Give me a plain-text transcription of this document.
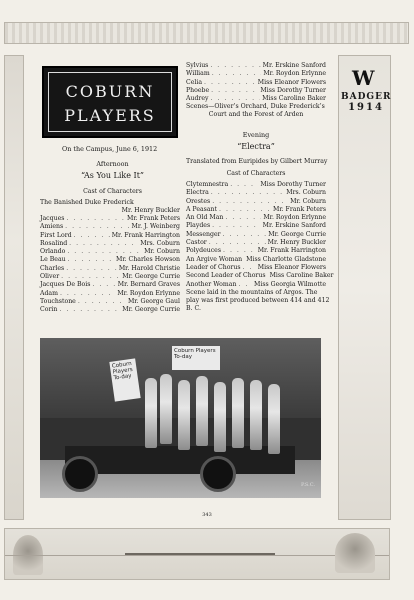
COBURN
PLAYERS
W
BADGER
1914
On the Campus, June 6, 1912
Afternoon
“As You Like It”
Cast of Characters
The Banished Duke Frederick
Mr. Henry Buckler
Jacques . . .	Mr. Frank Peters
Amiens . . .	Mr. J. Weinberg
First Lord . . .	Mr. Frank Harrington
Rosalind . . .	Mrs. Coburn
Orlando . . .	Mr. Coburn
Le Beau . . .	Mr. Charles Howson
Charles . . .	Mr. Harold Christie
Oliver . . .	Mr. George Currie
Jacques De Bois . . .	Mr. Bernard Graves
Adam . . .	Mr. Roydon Erlynne
Touchstone . . .	Mr. George Gaul
Corin . . .	Mr. George Currie
Sylvius . . .	Mr. Erskine Sanford
William . . .	Mr. Roydon Erlynne
Celia . . .	Miss Eleanor Flowers
Phoebe . . .	Miss Dorothy Turner
Audrey . . .	Miss Caroline Baker
Scenes—Oliver’s Orchard, Duke Frederick’s
Court and the Forest of Arden
Evening
“Electra”
Translated from Euripides by Gilbert Murray
Cast of Characters
Clytemnestra . . .	Miss Dorothy Turner
Electra . . .	Mrs. Coburn
Orestes . . .	Mr. Coburn
A Peasant . . .	Mr. Frank Peters
An Old Man . . .	Mr. Roydon Erlynne
Playdes . . .	Mr. Erskine Sanford
Messenger . . .	Mr. George Currie
Castor . . .	Mr. Henry Buckler
Polydeuces . . .	Mr. Frank Harrington
An Argive Woman Miss Charlotte Gladstone
Leader of Chorus . . .	Miss Eleanor Flowers
Second Leader of Chorus Miss Caroline Baker
Another Woman . . .	Miss Georgia Wilmotte
Scene laid in the mountains of Argos. The
play was first produced between 414 and 412
B. C.
Coburn Players To-day
Coburn Players To-day
P.S.C.
343
